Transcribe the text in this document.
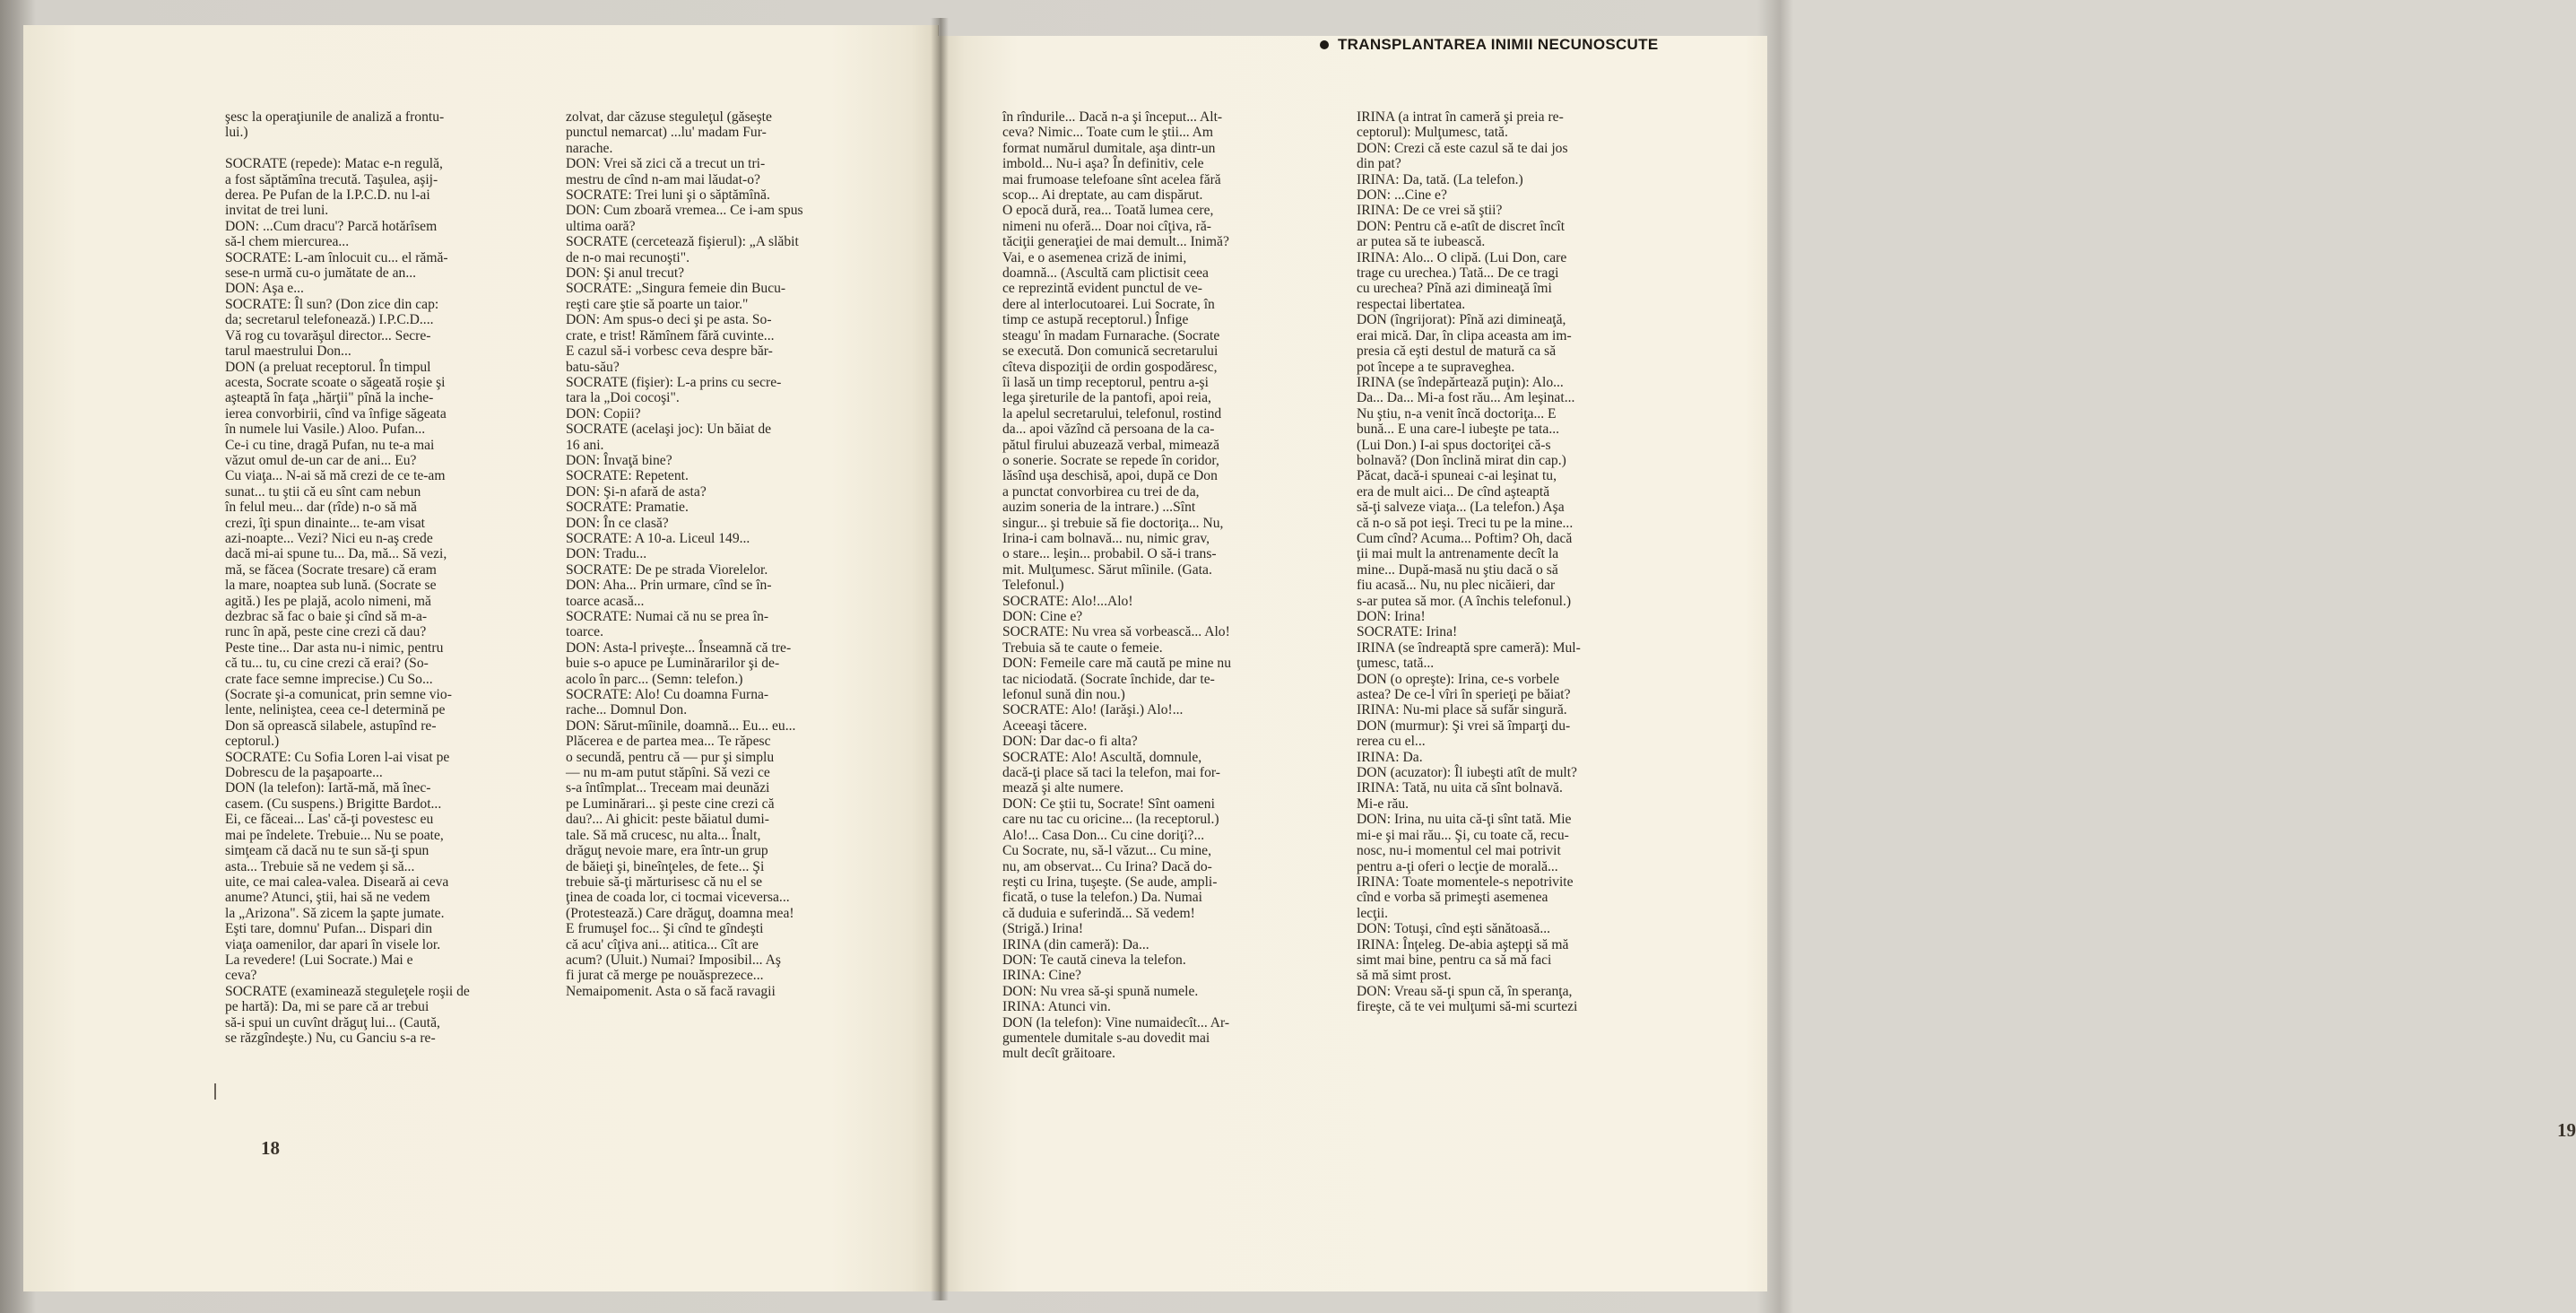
şesc la operaţiunile de analiză a frontu-
lui.)

SOCRATE (repede): Matac e-n regulă,
a fost săptămîna trecută. Taşulea, aşij-
derea. Pe Pufan de la I.P.C.D. nu l-ai
invitat de trei luni.
DON: ...Cum dracu'? Parcă hotărîsem
să-l chem miercurea...
SOCRATE: L-am înlocuit cu... el rămă-
sese-n urmă cu-o jumătate de an...
DON: Aşa e...
SOCRATE: Îl sun? (Don zice din cap:
da; secretarul telefonează.) I.P.C.D....
Vă rog cu tovarăşul director... Secre-
tarul maestrului Don...
DON (a preluat receptorul. În timpul
acesta, Socrate scoate o săgeată roşie şi
aşteaptă în faţa „hărţii" pînă la inche-
ierea convorbirii, cînd va înfige săgeata
în numele lui Vasile.) Aloo. Pufan...
Ce-i cu tine, dragă Pufan, nu te-a mai
văzut omul de-un car de ani... Eu?
Cu viaţa... N-ai să mă crezi de ce te-am
sunat... tu ştii că eu sînt cam nebun
în felul meu... dar (rîde) n-o să mă
crezi, îţi spun dinainte... te-am visat
azi-noapte... Vezi? Nici eu n-aş crede
dacă mi-ai spune tu... Da, mă... Să vezi,
mă, se făcea (Socrate tresare) că eram
la mare, noaptea sub lună. (Socrate se
agită.) Ies pe plajă, acolo nimeni, mă
dezbrac să fac o baie şi cînd să m-a-
runc în apă, peste cine crezi că dau?
Peste tine... Dar asta nu-i nimic, pentru
că tu... tu, cu cine crezi că erai? (So-
crate face semne imprecise.) Cu So...
(Socrate şi-a comunicat, prin semne vio-
lente, neliniştea, ceea ce-l determină pe
Don să oprească silabele, astupînd re-
ceptorul.)
SOCRATE: Cu Sofia Loren l-ai visat pe
Dobrescu de la paşapoarte...
DON (la telefon): Iartă-mă, mă înec-
casem. (Cu suspens.) Brigitte Bardot...
Ei, ce făceai... Las' că-ţi povestesc eu
mai pe îndelete. Trebuie... Nu se poate,
simţeam că dacă nu te sun să-ţi spun
asta... Trebuie să ne vedem şi să...
uite, ce mai calea-valea. Diseară ai ceva
anume? Atunci, ştii, hai să ne vedem
la „Arizona". Să zicem la şapte jumate.
Eşti tare, domnu' Pufan... Dispari din
viaţa oamenilor, dar apari în visele lor.
La revedere! (Lui Socrate.) Mai e
ceva?
SOCRATE (examinează steguleţele roşii de
pe hartă): Da, mi se pare că ar trebui
să-i spui un cuvînt drăguţ lui... (Caută,
se răzgîndeşte.) Nu, cu Ganciu s-a re-
zolvat, dar căzuse steguleţul (găseşte
punctul nemarcat) ...lu' madam Fur-
narache.
DON: Vrei să zici că a trecut un tri-
mestru de cînd n-am mai lăudat-o?
SOCRATE: Trei luni şi o săptămînă.
DON: Cum zboară vremea... Ce i-am spus
ultima oară?
SOCRATE (cercetează fişierul): „A slăbit
de n-o mai recunoşti".
DON: Şi anul trecut?
SOCRATE: „Singura femeie din Bucu-
reşti care ştie să poarte un taior."
DON: Am spus-o deci şi pe asta. So-
crate, e trist! Rămînem fără cuvinte...
E cazul să-i vorbesc ceva despre băr-
batu-său?
SOCRATE (fişier): L-a prins cu secre-
tara la „Doi cocoşi".
DON: Copii?
SOCRATE (acelaşi joc): Un băiat de
16 ani.
DON: Învaţă bine?
SOCRATE: Repetent.
DON: Şi-n afară de asta?
SOCRATE: Pramatie.
DON: În ce clasă?
SOCRATE: A 10-a. Liceul 149...
DON: Tradu...
SOCRATE: De pe strada Viorelelor.
DON: Aha... Prin urmare, cînd se în-
toarce acasă...
SOCRATE: Numai că nu se prea în-
toarce.
DON: Asta-l priveşte... Înseamnă că tre-
buie s-o apuce pe Luminărarilor şi de-
acolo în parc... (Semn: telefon.)
SOCRATE: Alo! Cu doamna Furna-
rache... Domnul Don.
DON: Sărut-mîinile, doamnă... Eu... eu...
Plăcerea e de partea mea... Te răpesc
o secundă, pentru că — pur şi simplu
— nu m-am putut stăpîni. Să vezi ce
s-a întîmplat... Treceam mai deunăzi
pe Luminărari... şi peste cine crezi că
dau?... Ai ghicit: peste băiatul dumi-
tale. Să mă crucesc, nu alta... Înalt,
drăguţ nevoie mare, era într-un grup
de băieţi şi, bineînţeles, de fete... Şi
trebuie să-ţi mărturisesc că nu el se
ţinea de coada lor, ci tocmai viceversa...
(Protestează.) Care drăguţ, doamna mea!
E frumuşel foc... Şi cînd te gîndeşti
că acu' cîţiva ani... atitica... Cît are
acum? (Uluit.) Numai? Imposibil... Aş
fi jurat că merge pe nouăsprezece...
Nemaipomenit. Asta o să facă ravagii
18
în rîndurile... Dacă n-a şi început... Alt-
ceva? Nimic... Toate cum le ştii... Am
format numărul dumitale, aşa dintr-un
imbold... Nu-i aşa? În definitiv, cele
mai frumoase telefoane sînt acelea fără
scop... Ai dreptate, au cam dispărut.
O epocă dură, rea... Toată lumea cere,
nimeni nu oferă... Doar noi cîţiva, ră-
tăciţii generaţiei de mai demult... Inimă?
Vai, e o asemenea criză de inimi,
doamnă... (Ascultă cam plictisit ceea
ce reprezintă evident punctul de ve-
dere al interlocutoarei. Lui Socrate, în
timp ce astupă receptorul.) Înfige
steagu' în madam Furnarache. (Socrate
se execută. Don comunică secretarului
cîteva dispoziţii de ordin gospodăresc,
îi lasă un timp receptorul, pentru a-şi
lega şireturile de la pantofi, apoi reia,
la apelul secretarului, telefonul, rostind
da... apoi văzînd că persoana de la ca-
pătul firului abuzează verbal, mimează
o sonerie. Socrate se repede în coridor,
lăsînd uşa deschisă, apoi, după ce Don
a punctat convorbirea cu trei de da,
auzim soneria de la intrare.) ...Sînt
singur... şi trebuie să fie doctoriţa... Nu,
Irina-i cam bolnavă... nu, nimic grav,
o stare... leşin... probabil. O să-i trans-
mit. Mulţumesc. Sărut mîinile. (Gata.
Telefonul.)
SOCRATE: Alo!...Alo!
DON: Cine e?
SOCRATE: Nu vrea să vorbească... Alo!
Trebuia să te caute o femeie.
DON: Femeile care mă caută pe mine nu
tac niciodată. (Socrate închide, dar te-
lefonul sună din nou.)
SOCRATE: Alo! (Iarăşi.) Alo!...
Aceeaşi tăcere.
DON: Dar dac-o fi alta?
SOCRATE: Alo! Ascultă, domnule,
dacă-ţi place să taci la telefon, mai for-
mează şi alte numere.
DON: Ce ştii tu, Socrate! Sînt oameni
care nu tac cu oricine... (la receptorul.)
Alo!... Casa Don... Cu cine doriţi?...
Cu Socrate, nu, să-l văzut... Cu mine,
nu, am observat... Cu Irina? Dacă do-
reşti cu Irina, tuşeşte. (Se aude, ampli-
ficată, o tuse la telefon.) Da. Numai
că duduia e suferindă... Să vedem!
(Strigă.) Irina!
IRINA (din cameră): Da...
DON: Te caută cineva la telefon.
IRINA: Cine?
DON: Nu vrea să-şi spună numele.
IRINA: Atunci vin.
DON (la telefon): Vine numaidecît... Ar-
gumentele dumitale s-au dovedit mai
mult decît grăitoare.
IRINA (a intrat în cameră şi preia re-
ceptorul): Mulţumesc, tată.
DON: Crezi că este cazul să te dai jos
din pat?
IRINA: Da, tată. (La telefon.)
DON: ...Cine e?
IRINA: De ce vrei să ştii?
DON: Pentru că e-atît de discret încît
ar putea să te iubească.
IRINA: Alo... O clipă. (Lui Don, care
trage cu urechea.) Tată... De ce tragi
cu urechea? Pînă azi dimineaţă îmi
respectai libertatea.
DON (îngrijorat): Pînă azi dimineaţă,
erai mică. Dar, în clipa aceasta am im-
presia că eşti destul de matură ca să
pot începe a te supraveghea.
IRINA (se îndepărtează puţin): Alo...
Da... Da... Mi-a fost rău... Am leşinat...
Nu ştiu, n-a venit încă doctoriţa... E
bună... E una care-l iubeşte pe tata...
(Lui Don.) I-ai spus doctoriţei că-s
bolnavă? (Don înclină mirat din cap.)
Păcat, dacă-i spuneai c-ai leşinat tu,
era de mult aici... De cînd aşteaptă
să-ţi salveze viaţa... (La telefon.) Aşa
că n-o să pot ieşi. Treci tu pe la mine...
Cum cînd? Acuma... Poftim? Oh, dacă
ţii mai mult la antrenamente decît la
mine... După-masă nu ştiu dacă o să
fiu acasă... Nu, nu plec nicăieri, dar
s-ar putea să mor. (A închis telefonul.)
DON: Irina!
SOCRATE: Irina!
IRINA (se îndreaptă spre cameră): Mul-
ţumesc, tată...
DON (o opreşte): Irina, ce-s vorbele
astea? De ce-l vîri în sperieţi pe băiat?
IRINA: Nu-mi place să sufăr singură.
DON (murmur): Şi vrei să împarţi du-
rerea cu el...
IRINA: Da.
DON (acuzator): Îl iubeşti atît de mult?
IRINA: Tată, nu uita că sînt bolnavă.
Mi-e rău.
DON: Irina, nu uita că-ţi sînt tată. Mie
mi-e şi mai rău... Şi, cu toate că, recu-
nosc, nu-i momentul cel mai potrivit
pentru a-ţi oferi o lecţie de morală...
IRINA: Toate momentele-s nepotrivite
cînd e vorba să primeşti asemenea
lecţii.
DON: Totuşi, cînd eşti sănătoasă...
IRINA: Înţeleg. De-abia aştepţi să mă
simt mai bine, pentru ca să mă faci
să mă simt prost.
DON: Vreau să-ţi spun că, în speranţa,
fireşte, că te vei mulţumi să-mi scurtezi
19
TRANSPLANTAREA INIMII NECUNOSCUTE
